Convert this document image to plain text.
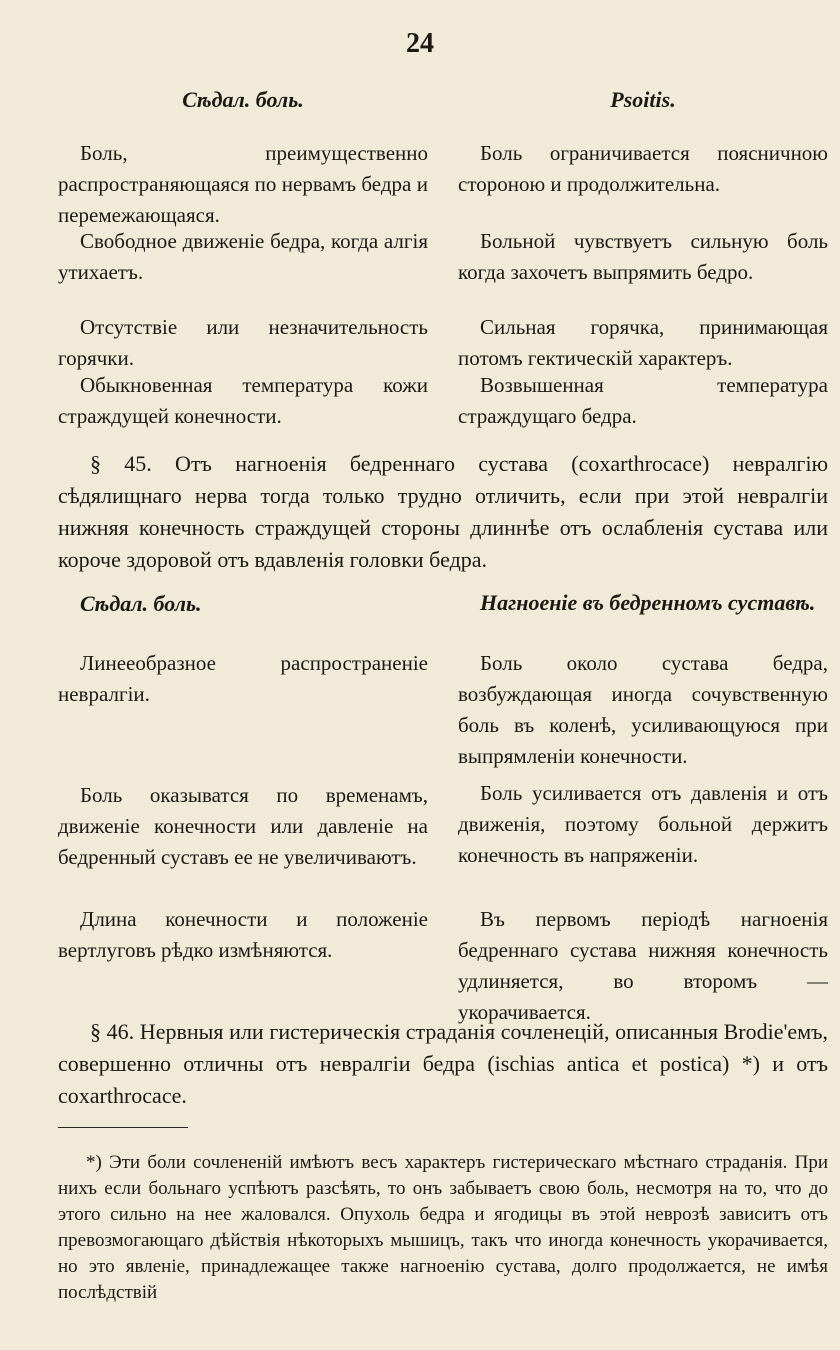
24

Сѣдал. боль.

Боль, преимущественно распространяющаяся по нервамъ бедра и перемежающаяся.

Свободное движеніе бедра, когда алгія утихаетъ.

Отсутствіе или незначительность горячки.

Обыкновенная температура кожи страждущей конечности.

Psoitis.

Боль ограничивается поясничною стороною и продолжительна.

Больной чувствуетъ сильную боль когда захочетъ выпрямить бедро.

Сильная горячка, принимающая потомъ гектическій характеръ.

Возвышенная температура страждущаго бедра.

§ 45. Отъ нагноенія бедреннаго сустава (coxarthrocace) невралгію сѣдялищнаго нерва тогда только трудно отличить, если при этой невралгіи нижняя конечность страждущей стороны длиннѣе отъ ослабленія сустава или короче здоровой отъ вдавленія головки бедра.

Сѣдал. боль.

Линееобразное распространеніе невралгіи.

Боль оказыватся по временамъ, движеніе конечности или давленіе на бедренный суставъ ее не увеличиваютъ.

Длина конечности и положеніе вертлуговъ рѣдко измѣняются.

Нагноеніе въ бедренномъ суставѣ.

Боль около сустава бедра, возбуждающая иногда сочувственную боль въ коленѣ, усиливающуюся при выпрямленіи конечности.

Боль усиливается отъ давленія и отъ движенія, поэтому больной держитъ конечность въ напряженіи.

Въ первомъ періодѣ нагноенія бедреннаго сустава нижняя конечность удлиняется, во второмъ — укорачивается.

§ 46. Нервныя или гистерическія страданія сочленецій, описанныя Brodie'емъ, совершенно отличны отъ невралгіи бедра (ischias antica et postica) *) и отъ coxarthrocace.

*) Эти боли сочлененій имѣютъ весъ характеръ гистерическаго мѣстнаго страданія. При нихъ если больнаго успѣютъ разсѣять, то онъ забываетъ свою боль, несмотря на то, что до этого сильно на нее жаловался. Опухоль бедра и ягодицы въ этой неврозѣ зависитъ отъ превозмогающаго дѣйствія нѣкоторыхъ мышицъ, такъ что иногда конечность укорачивается, но это явленіе, принадлежащее также нагноенію сустава, долго продолжается, не имѣя послѣдствій
